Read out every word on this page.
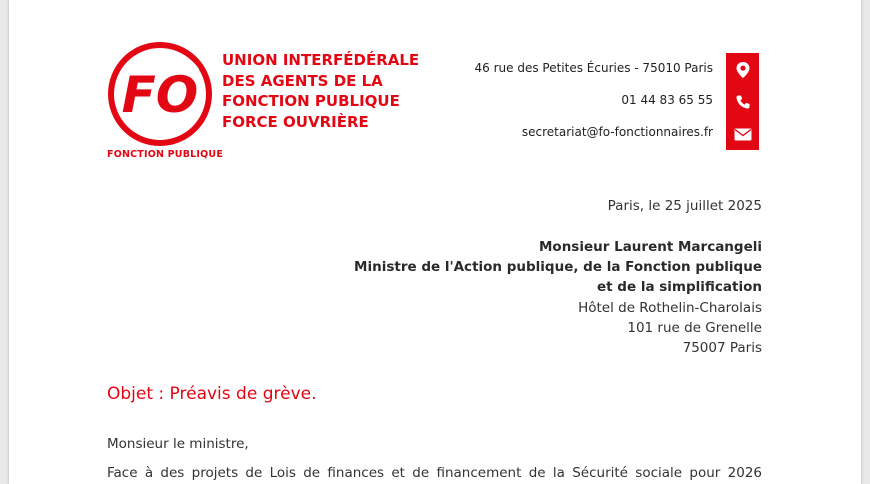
FO
FONCTION PUBLIQUE
UNION INTERFÉDÉRALE
DES AGENTS DE LA
FONCTION PUBLIQUE
FORCE OUVRIÈRE
46 rue des Petites Écuries - 75010 Paris
01 44 83 65 55
secretariat@fo-fonctionnaires.fr
Paris, le 25 juillet 2025
Monsieur Laurent Marcangeli
Ministre de l'Action publique, de la Fonction publique
et de la simplification
Hôtel de Rothelin-Charolais
101 rue de Grenelle
75007 Paris
Objet : Préavis de grève.
Monsieur le ministre,
Face à des projets de Lois de finances et de financement de la Sécurité sociale pour 2026
